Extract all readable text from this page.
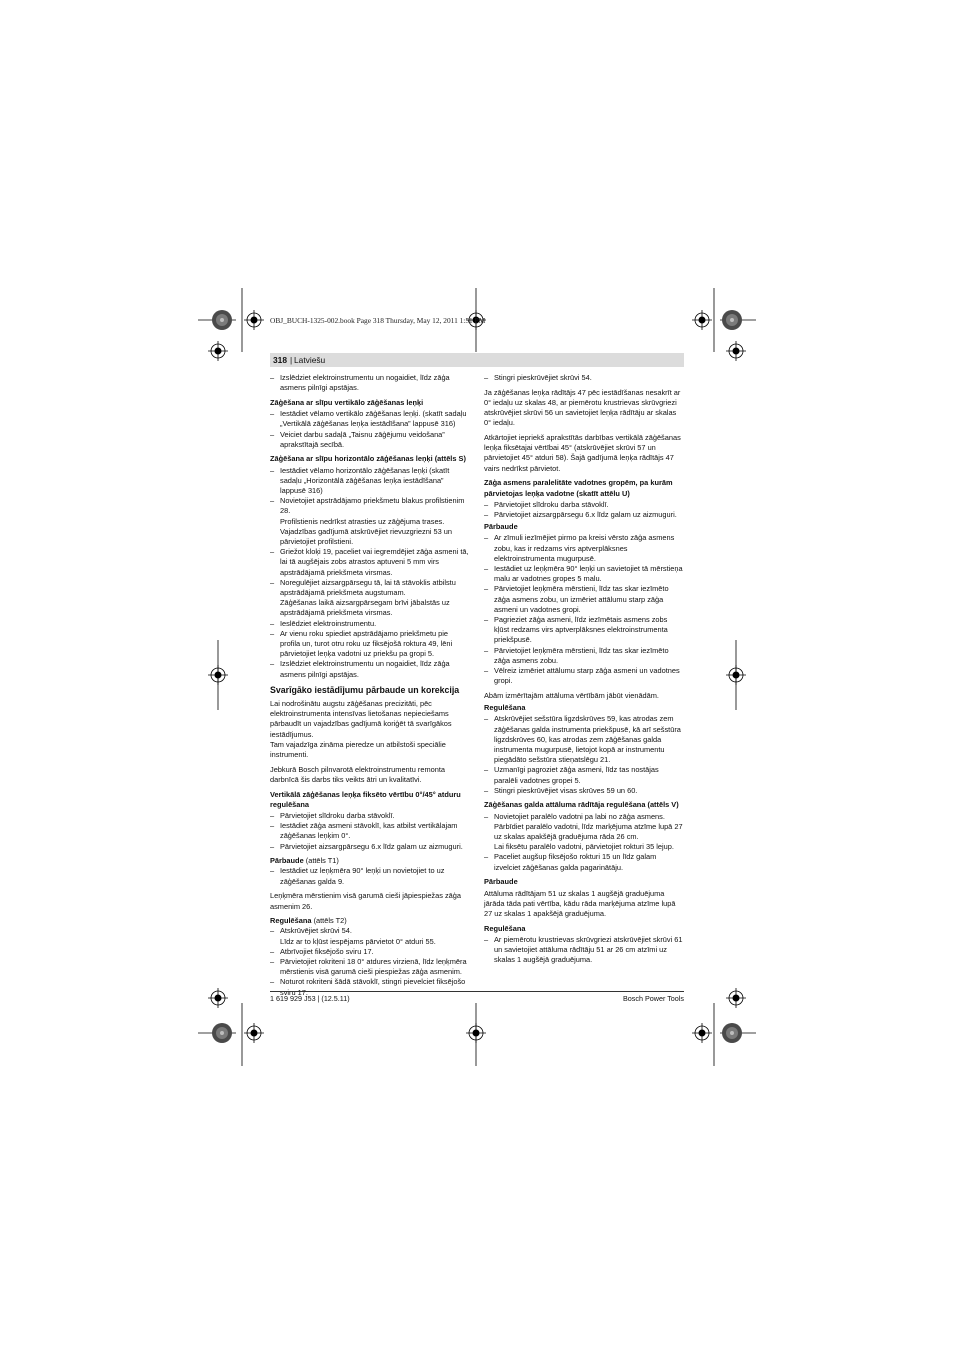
OBJ_BUCH-1325-002.book Page 318 Thursday, May 12, 2011 1:51 PM
318 | Latviešu
– Izslēdziet elektroinstrumentu un nogaidiet, līdz zāģa asmens pilnīgi apstājas.
Zāģēšana ar slīpu vertikālo zāģēšanas leņķi
– Iestādiet vēlamo vertikālo zāģēšanas leņķi. (skatīt sadaļu „Vertikālā zāģēšanas leņķa iestādīšana” lappusē 316)
– Veiciet darbu sadaļā „Taisnu zāģējumu veidošana” aprakstītajā secībā.
Zāģēšana ar slīpu horizontālo zāģēšanas leņķi (attēls S)
– Iestādiet vēlamo horizontālo zāģēšanas leņķi (skatīt sadaļu „Horizontālā zāģēšanas leņķa iestādīšana” lappusē 316)
– Novietojiet apstrādājamo priekšmetu blakus profilstienim 28.
Profilstienis nedrīkst atrasties uz zāģējuma trases.
Vajadzības gadījumā atskrūvējiet rievuzgriezni 53 un pārvietojiet profilstieni.
– Griežot kloķi 19, paceliet vai iegremdējiet zāģa asmeni tā, lai tā augšējais zobs atrastos aptuveni 5 mm virs apstrādājamā priekšmeta virsmas.
– Noregulējiet aizsargpārsegu tā, lai tā stāvoklis atbilstu apstrādājamā priekšmeta augstumam.
Zāģēšanas laikā aizsargpārsegam brīvi jābalstās uz apstrādājamā priekšmeta virsmas.
– Ieslēdziet elektroinstrumentu.
– Ar vienu roku spiediet apstrādājamo priekšmetu pie profila un, turot otru roku uz fiksējošā roktura 49, lēni pārvietojiet leņķa vadotni uz priekšu pa gropi 5.
– Izslēdziet elektroinstrumentu un nogaidiet, līdz zāģa asmens pilnīgi apstājas.
Svarīgāko iestādījumu pārbaude un korekcija

Lai nodrošinātu augstu zāģēšanas precizitāti, pēc elektroinstrumenta intensīvas lietošanas nepieciešams pārbaudīt un vajadzības gadījumā koriģēt tā svarīgākos iestādījumus.

Tam vajadzīga zināma pieredze un atbilstoši speciālie instrumenti.

Jebkurā Bosch pilnvarotā elektroinstrumentu remonta darbnīcā šis darbs tiks veikts ātri un kvalitatīvi.

Vertikālā zāģēšanas leņķa fiksēto vērtību 0°/45° atduru regulēšana
– Pārvietojiet slīdroku darba stāvoklī.
– Iestādiet zāģa asmeni stāvoklī, kas atbilst vertikālajam zāģēšanas leņķim 0°.
– Pārvietojiet aizsargpārsegu 6.x līdz galam uz aizmuguri.

Pārbaude (attēls T1)

– Iestādiet uz leņķmēra 90° leņķi un novietojiet to uz zāģēšanas galda 9.

Leņķmēra mērstienim visā garumā cieši jāpiespiežas zāģa asmenim 26.

Regulēšana (attēls T2)

– Atskrūvējiet skrūvi 54.
Līdz ar to kļūst iespējams pārvietot 0° atduri 55.
– Atbrīvojiet fiksējošo sviru 17.
– Pārvietojiet rokriteni 18 0° atdures virzienā, līdz leņķmēra mērstienis visā garumā cieši piespiežas zāģa asmenim.
– Noturot rokriteni šādā stāvoklī, stingri pievelciet fiksējošo sviru 17.
– Stingri pieskrūvējiet skrūvi 54.

Ja zāģēšanas leņķa rādītājs 47 pēc iestādīšanas nesakrīt ar 0° iedaļu uz skalas 48, ar piemērotu krustrievas skrūvgriezi atskrūvējiet skrūvi 56 un savietojiet leņķa rādītāju ar skalas 0° iedaļu.

Atkārtojiet iepriekš aprakstītās darbības vertikālā zāģēšanas leņķa fiksētajai vērtībai 45° (atskrūvējiet skrūvi 57 un pārvietojiet 45° atduri 58). Šajā gadījumā leņķa rādītājs 47 vairs nedrīkst pārvietot.

Zāģa asmens paralelitāte vadotnes gropēm, pa kurām pārvietojas leņķa vadotne (skatīt attēlu U)
– Pārvietojiet slīdroku darba stāvoklī.
– Pārvietojiet aizsargpārsegu 6.x līdz galam uz aizmuguri.
Pārbaude
– Ar zīmuli iezīmējiet pirmo pa kreisi vērsto zāģa asmens zobu, kas ir redzams virs aptverplāksnes elektroinstrumenta mugurpusē.
– Iestādiet uz leņķmēra 90° leņķi un savietojiet tā mērstieņa malu ar vadotnes gropes 5 malu.
– Pārvietojiet leņķmēra mērstieni, līdz tas skar iezīmēto zāģa asmens zobu, un izmēriet attālumu starp zāģa asmeni un vadotnes gropi.
– Pagrieziet zāģa asmeni, līdz iezīmētais asmens zobs kļūst redzams virs aptverplāksnes elektroinstrumenta priekšpusē.
– Pārvietojiet leņķmēra mērstieni, līdz tas skar iezīmēto zāģa asmens zobu.
– Vēlreiz izmēriet attālumu starp zāģa asmeni un vadotnes gropi.

Abām izmērītajām attāluma vērtībām jābūt vienādām.

Regulēšana
– Atskrūvējiet sešstūra ligzdskrūves 59, kas atrodas zem zāģēšanas galda instrumenta priekšpusē, kā arī sešstūra ligzdskrūves 60, kas atrodas zem zāģēšanas galda instrumenta mugurpusē, lietojot kopā ar instrumentu piegādāto sešstūra stieņatslēgu 21.
– Uzmanīgi pagroziet zāģa asmeni, līdz tas nostājas paralēli vadotnes gropei 5.
– Stingri pieskrūvējiet visas skrūves 59 un 60.
Zāģēšanas galda attāluma rādītāja regulēšana (attēls V)
– Novietojiet paralēlo vadotni pa labi no zāģa asmens.
Pārbīdiet paralēlo vadotni, līdz marķējuma atzīme lupā 27 uz skalas apakšējā graduējuma rāda 26 cm.
Lai fiksētu paralēlo vadotni, pārvietojiet rokturi 35 lejup.
– Paceliet augšup fiksējošo rokturi 15 un līdz galam izvelciet zāģēšanas galda pagarinātāju.
Pārbaude

Attāluma rādītājam 51 uz skalas 1 augšējā graduējuma jārāda tāda pati vērtība, kādu rāda marķējuma atzīme lupā 27 uz skalas 1 apakšējā graduējuma.

Regulēšana
– Ar piemērotu krustrievas skrūvgriezi atskrūvējiet skrūvi 61 un savietojiet attāluma rādītāju 51 ar 26 cm atzīmi uz skalas 1 augšējā graduējuma.
1 619 929 J53 | (12.5.11)	Bosch Power Tools
